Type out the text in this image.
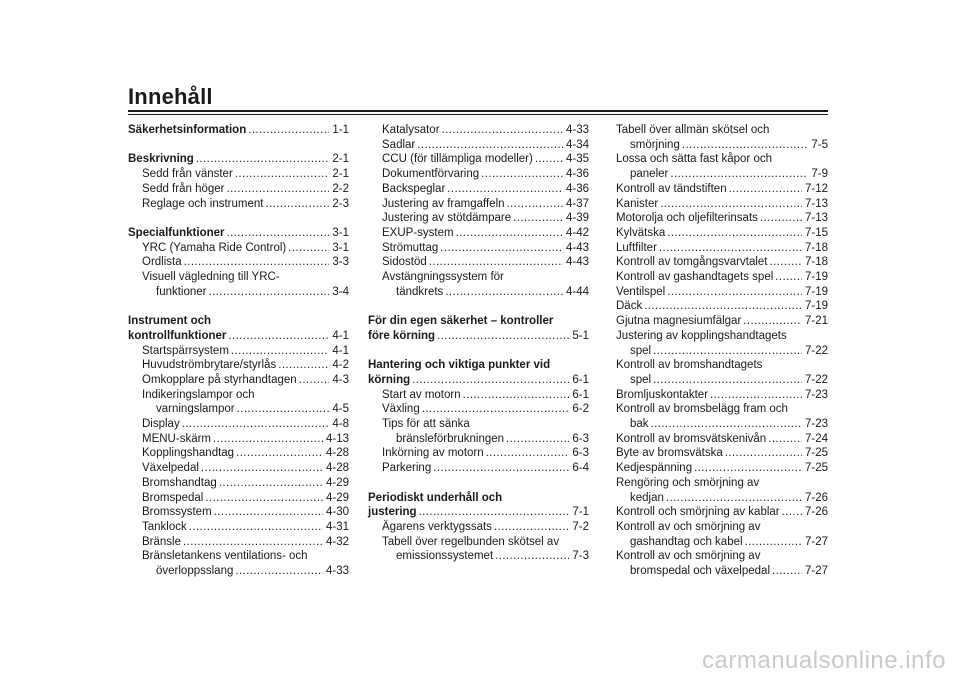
Innehåll
Säkerhetsinformation .....	1-1
Beskrivning .....	2-1
Sedd från vänster .....	2-1
Sedd från höger .....	2-2
Reglage och instrument .....	2-3
Specialfunktioner .....	3-1
YRC (Yamaha Ride Control) .....	3-1
Ordlista .....	3-3
Visuell vägledning till YRC-
funktioner .....	3-4
Instrument och
kontrollfunktioner .....	4-1
Startspärrsystem .....	4-1
Huvudströmbrytare/styrlås .....	4-2
Omkopplare på styrhandtagen .....	4-3
Indikeringslampor och
varningslampor .....	4-5
Display .....	4-8
MENU-skärm .....	4-13
Kopplingshandtag .....	4-28
Växelpedal .....	4-28
Bromshandtag .....	4-29
Bromspedal .....	4-29
Bromssystem .....	4-30
Tanklock .....	4-31
Bränsle .....	4-32
Bränsletankens ventilations- och
överloppsslang .....	4-33
Katalysator .....	4-33
Sadlar .....	4-34
CCU (för tillämpliga modeller) .....	4-35
Dokumentförvaring .....	4-36
Backspeglar .....	4-36
Justering av framgaffeln .....	4-37
Justering av stötdämpare .....	4-39
EXUP-system .....	4-42
Strömuttag .....	4-43
Sidostöd .....	4-43
Avstängningssystem för
tändkrets .....	4-44
För din egen säkerhet – kontroller
före körning .....	5-1
Hantering och viktiga punkter vid
körning .....	6-1
Start av motorn .....	6-1
Växling .....	6-2
Tips för att sänka
bränsleförbrukningen .....	6-3
Inkörning av motorn .....	6-3
Parkering .....	6-4
Periodiskt underhåll och
justering .....	7-1
Ägarens verktygssats .....	7-2
Tabell över regelbunden skötsel av
emissionssystemet .....	7-3
Tabell över allmän skötsel och
smörjning .....	7-5
Lossa och sätta fast kåpor och
paneler .....	7-9
Kontroll av tändstiften .....	7-12
Kanister .....	7-13
Motorolja och oljefilterinsats .....	7-13
Kylvätska .....	7-15
Luftfilter .....	7-18
Kontroll av tomgångsvarvtalet .....	7-18
Kontroll av gashandtagets spel .....	7-19
Ventilspel .....	7-19
Däck .....	7-19
Gjutna magnesiumfälgar .....	7-21
Justering av kopplingshandtagets
spel .....	7-22
Kontroll av bromshandtagets
spel .....	7-22
Bromljuskontakter .....	7-23
Kontroll av bromsbelägg fram och
bak .....	7-23
Kontroll av bromsvätskenivån .....	7-24
Byte av bromsvätska .....	7-25
Kedjespänning .....	7-25
Rengöring och smörjning av
kedjan .....	7-26
Kontroll och smörjning av kablar ..... 7-26
Kontroll av och smörjning av
gashandtag och kabel .....	7-27
Kontroll av och smörjning av
bromspedal och växelpedal .....	7-27
carmanualsonline.info
